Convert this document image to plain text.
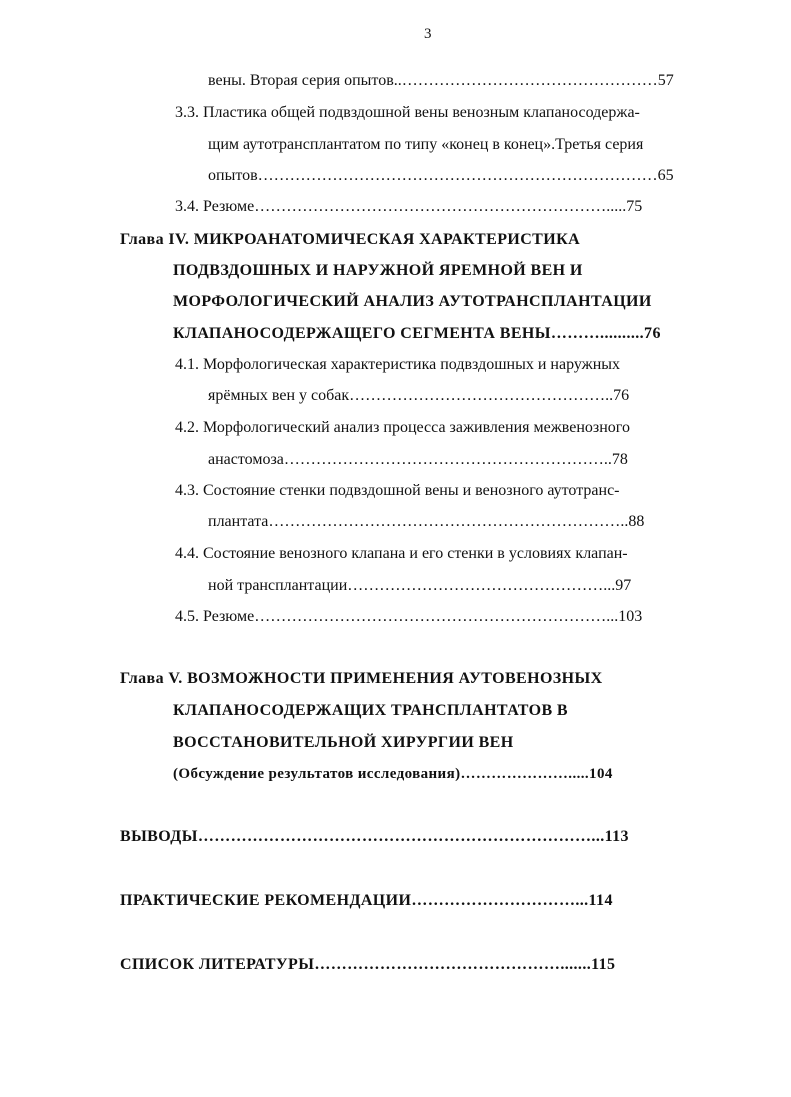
3
вены. Вторая серия опытов..…………………………………………57
3.3. Пластика общей подвздошной вены венозным клапаносодержа-
щим аутотрансплантатом по типу «конец в конец».Третья серия
опытов…………………………………………………………………65
3.4. Резюме………………………………………………………….....75
Глава IV. МИКРОАНАТОМИЧЕСКАЯ ХАРАКТЕРИСТИКА
ПОДВЗДОШНЫХ И НАРУЖНОЙ ЯРЕМНОЙ ВЕН И
МОРФОЛОГИЧЕСКИЙ АНАЛИЗ АУТОТРАНСПЛАНТАЦИИ
КЛАПАНОСОДЕРЖАЩЕГО СЕГМЕНТА ВЕНЫ………..........76
4.1. Морфологическая характеристика подвздошных и наружных
ярёмных вен у собак…………………………………………..76
4.2. Морфологический анализ процесса заживления межвенозного
анастомоза……………………………………………………..78
4.3. Состояние стенки подвздошной вены и венозного аутотранс-
плантата…………………………………………………………..88
4.4. Состояние венозного клапана и его стенки в условиях клапан-
ной трансплантации…………………………………………...97
4.5. Резюме…………………………………………………………...103
Глава V. ВОЗМОЖНОСТИ ПРИМЕНЕНИЯ АУТОВЕНОЗНЫХ
КЛАПАНОСОДЕРЖАЩИХ ТРАНСПЛАНТАТОВ В
ВОССТАНОВИТЕЛЬНОЙ ХИРУРГИИ ВЕН
(Обсуждение результатов исследования)………………….....104
ВЫВОДЫ………………………………………………………………...113
ПРАКТИЧЕСКИЕ РЕКОМЕНДАЦИИ…………………………...114
СПИСОК ЛИТЕРАТУРЫ……………………………………….......115
